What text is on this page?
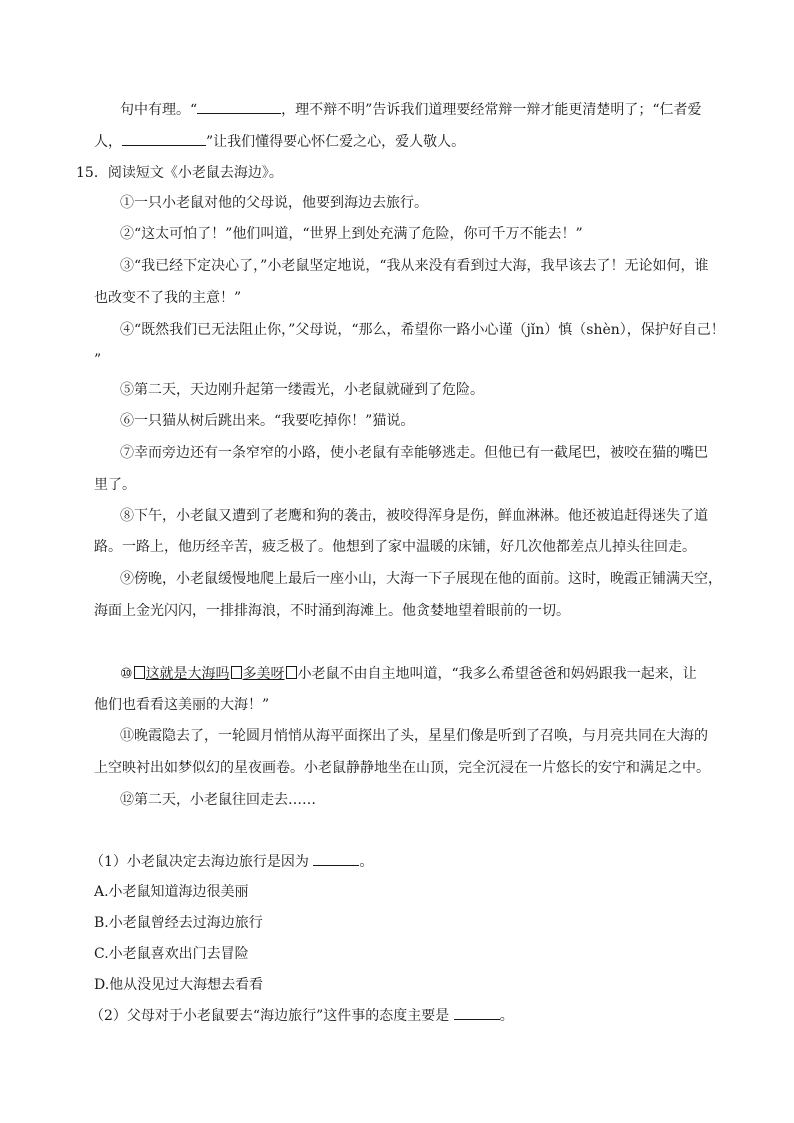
句中有理。“	，理不辩不明”告诉我们道理要经常辩一辩才能更清楚明了；“仁者爱
人，	”让我们懂得要心怀仁爱之心，爱人敬人。
15．阅读短文《小老鼠去海边》。
①一只小老鼠对他的父母说，他要到海边去旅行。
②“这太可怕了！”他们叫道，“世界上到处充满了危险，你可千万不能去！”
③“我已经下定决心了，”小老鼠坚定地说，“我从来没有看到过大海，我早该去了！无论如何，谁
也改变不了我的主意！”
④“既然我们已无法阻止你，”父母说，“那么，希望你一路小心谨（jǐn）慎（shèn），保护好自己！
”
⑤第二天，天边刚升起第一缕霞光，小老鼠就碰到了危险。
⑥一只猫从树后跳出来。“我要吃掉你！”猫说。
⑦幸而旁边还有一条窄窄的小路，使小老鼠有幸能够逃走。但他已有一截尾巴，被咬在猫的嘴巴
里了。
⑧下午，小老鼠又遭到了老鹰和狗的袭击，被咬得浑身是伤，鲜血淋淋。他还被追赶得迷失了道
路。一路上，他历经辛苦，疲乏极了。他想到了家中温暖的床铺，好几次他都差点儿掉头往回走。
⑨傍晚，小老鼠缓慢地爬上最后一座小山，大海一下子展现在他的面前。这时，晚霞正铺满天空，
海面上金光闪闪，一排排海浪，不时涌到海滩上。他贪婪地望着眼前的一切。
⑩ 这就是大海吗 多美呀 小老鼠不由自主地叫道，“我多么希望爸爸和妈妈跟我一起来，让
他们也看看这美丽的大海！”
⑪晚霞隐去了，一轮圆月悄悄从海平面探出了头，星星们像是听到了召唤，与月亮共同在大海的
上空映衬出如梦似幻的星夜画卷。小老鼠静静地坐在山顶，完全沉浸在一片悠长的安宁和满足之中。
⑫第二天，小老鼠往回走去……
（1）小老鼠决定去海边旅行是因为	。
A.小老鼠知道海边很美丽
B.小老鼠曾经去过海边旅行
C.小老鼠喜欢出门去冒险
D.他从没见过大海想去看看
（2）父母对于小老鼠要去“海边旅行”这件事的态度主要是	。
